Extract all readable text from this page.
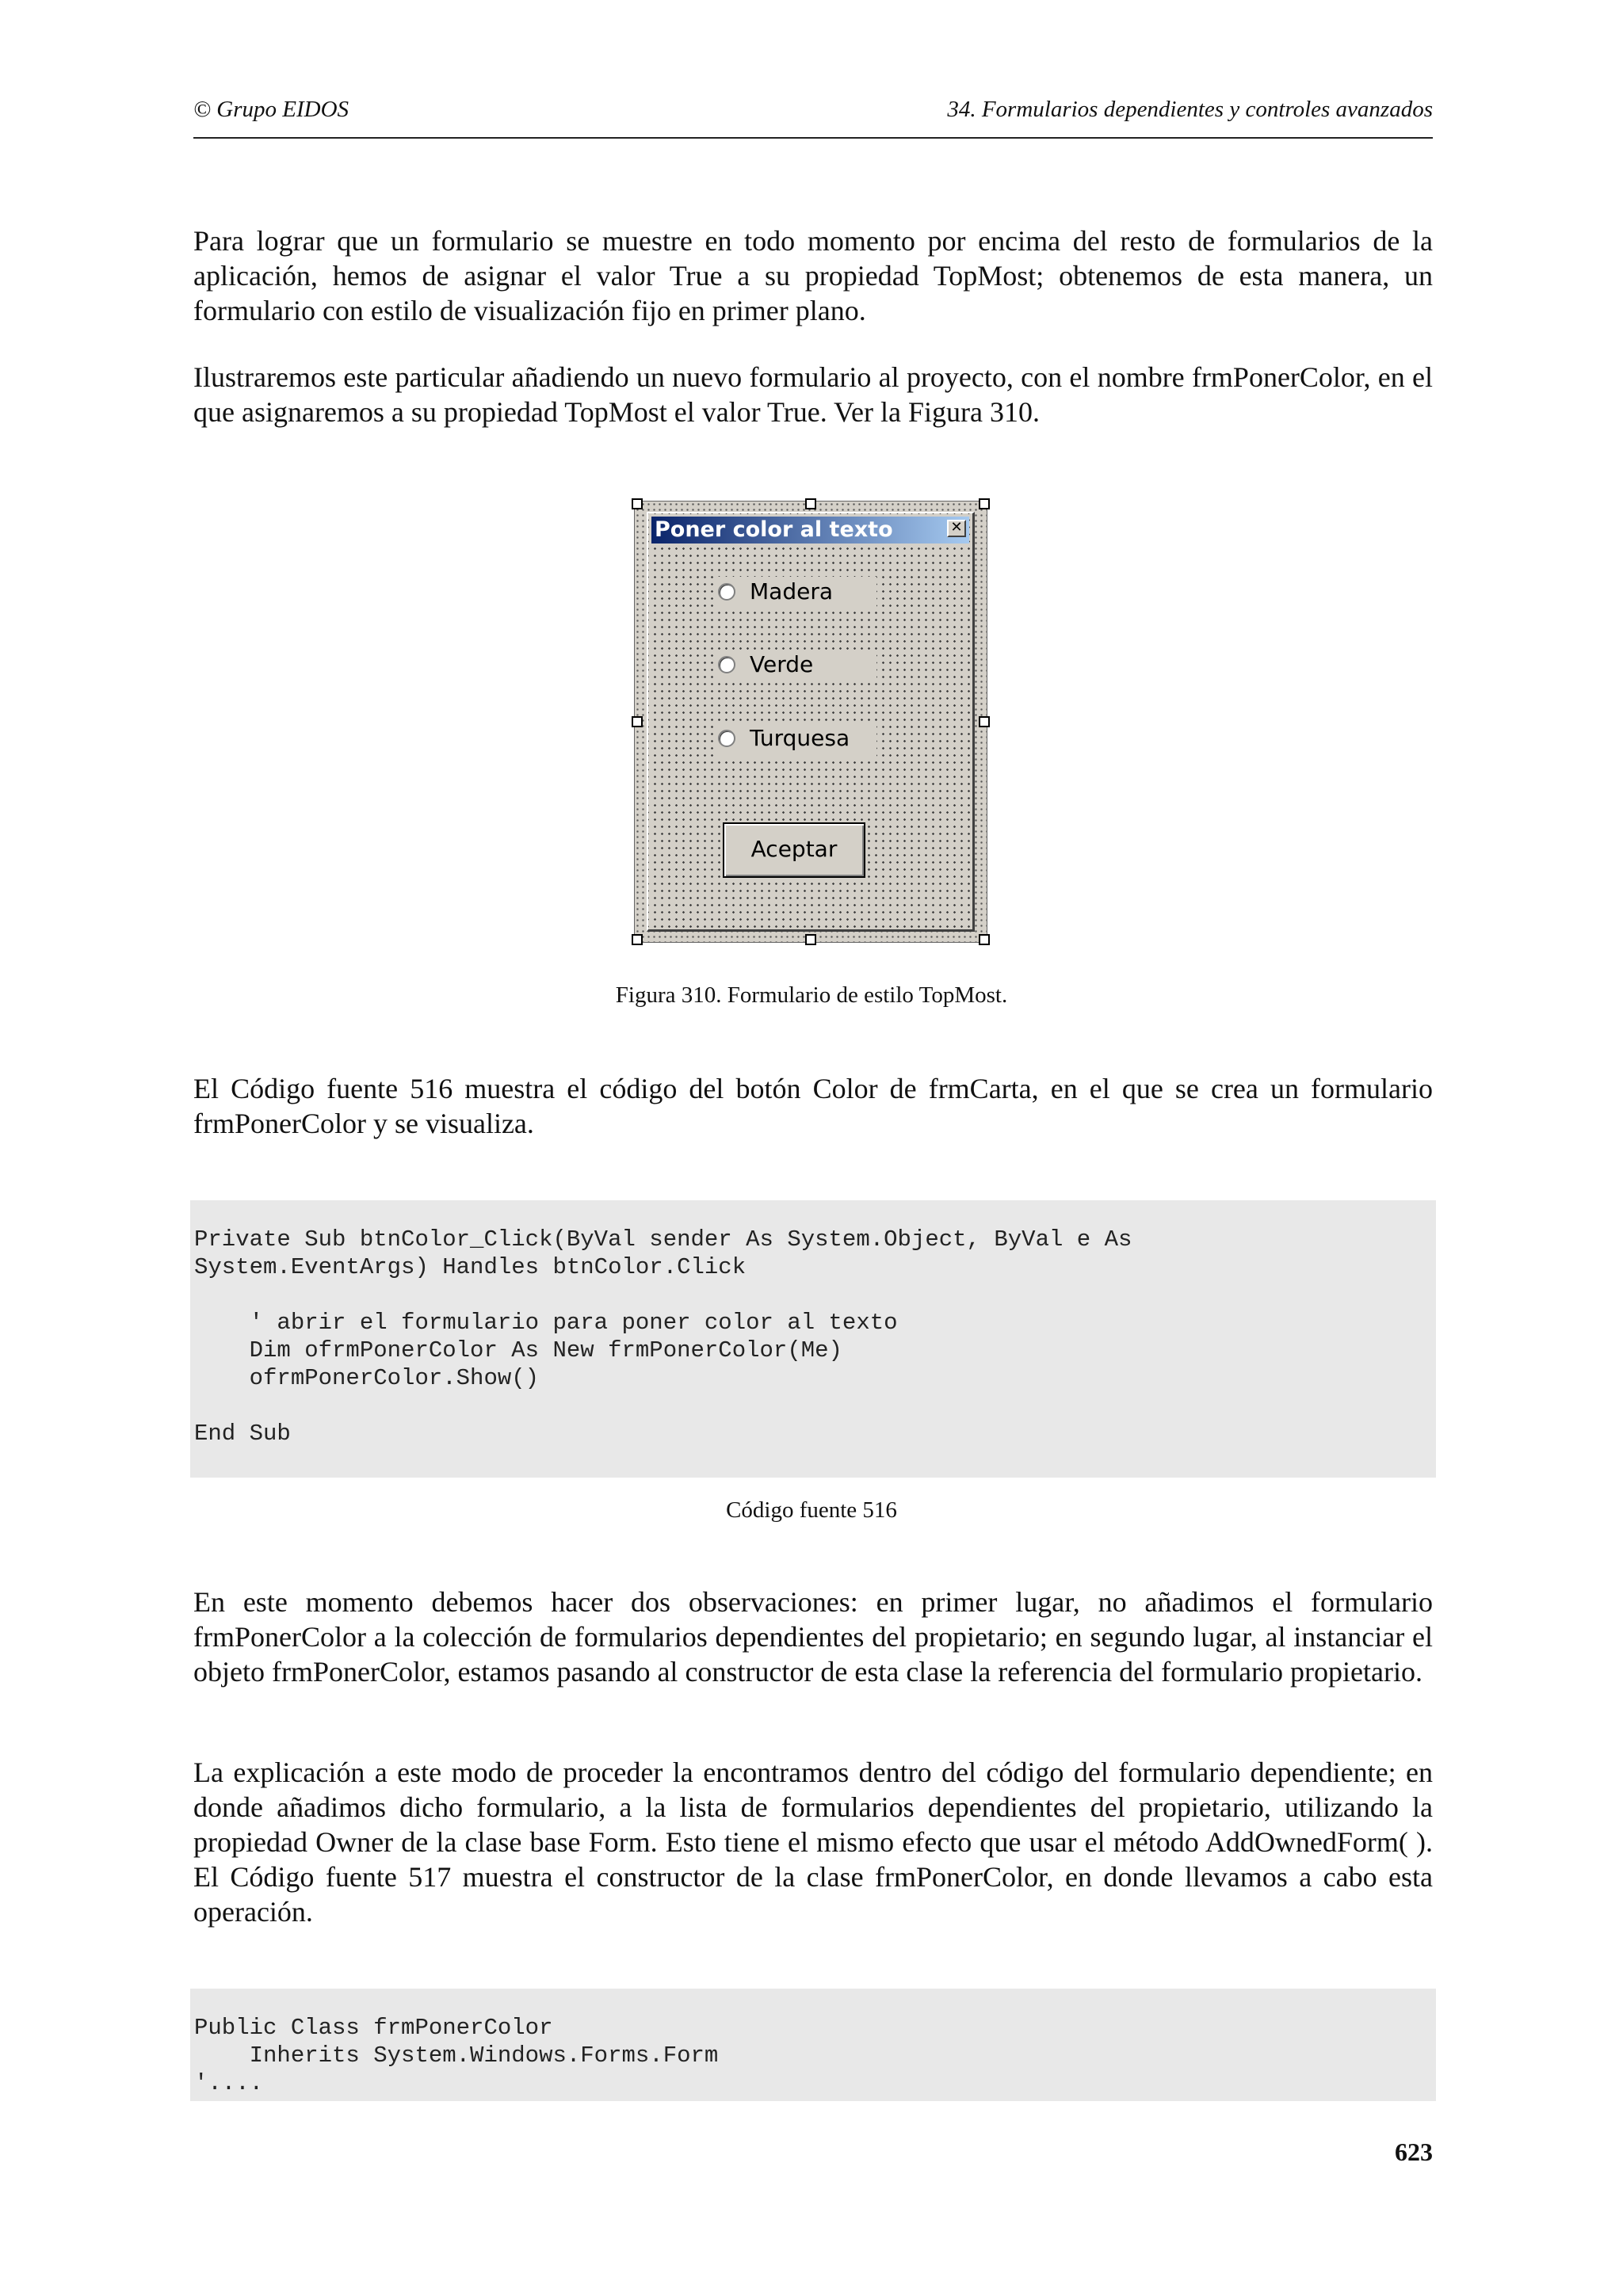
© Grupo EIDOS	34. Formularios dependientes y controles avanzados

Para lograr que un formulario se muestre en todo momento por encima del resto de formularios de la aplicación, hemos de asignar el valor True a su propiedad TopMost; obtenemos de esta manera, un formulario con estilo de visualización fijo en primer plano.

Ilustraremos este particular añadiendo un nuevo formulario al proyecto, con el nombre frmPonerColor, en el que asignaremos a su propiedad TopMost el valor True. Ver la Figura 310.

Poner color al texto	✕
Madera
Verde
Turquesa
Aceptar
Figura 310. Formulario de estilo TopMost.

El Código fuente 516 muestra el código del botón Color de frmCarta, en el que se crea un formulario frmPonerColor y se visualiza.

Private Sub btnColor_Click(ByVal sender As System.Object, ByVal e As
System.EventArgs) Handles btnColor.Click

' abrir el formulario para poner color al texto
Dim ofrmPonerColor As New frmPonerColor(Me)
ofrmPonerColor.Show()

End Sub
Código fuente 516

En este momento debemos hacer dos observaciones: en primer lugar, no añadimos el formulario frmPonerColor a la colección de formularios dependientes del propietario; en segundo lugar, al instanciar el objeto frmPonerColor, estamos pasando al constructor de esta clase la referencia del formulario propietario.

La explicación a este modo de proceder la encontramos dentro del código del formulario dependiente; en donde añadimos dicho formulario, a la lista de formularios dependientes del propietario, utilizando la propiedad Owner de la clase base Form. Esto tiene el mismo efecto que usar el método AddOwnedForm( ). El Código fuente 517 muestra el constructor de la clase frmPonerColor, en donde llevamos a cabo esta operación.

Public Class frmPonerColor
Inherits System.Windows.Forms.Form
'....
623
